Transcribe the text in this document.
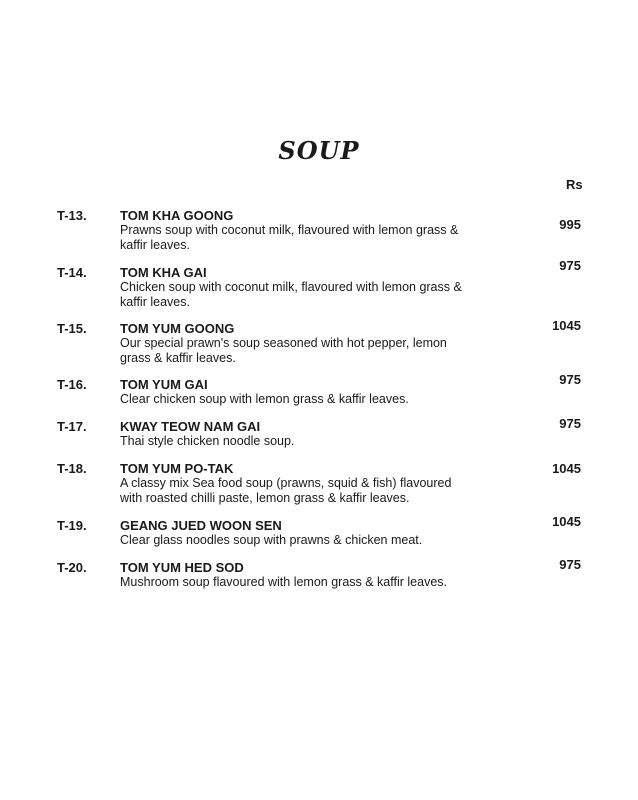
SOUP
Rs
T-13.	TOM KHA GOONG
Prawns soup with coconut milk, flavoured with lemon grass & kaffir leaves.
995
T-14.	TOM KHA GAI
Chicken soup with coconut milk, flavoured with lemon grass & kaffir leaves.
975
T-15.	TOM YUM GOONG
Our special prawn's soup seasoned with hot pepper, lemon grass & kaffir leaves.
1045
T-16.	TOM YUM GAI
Clear chicken soup with lemon grass & kaffir leaves.
975
T-17.	KWAY TEOW NAM GAI
Thai style chicken noodle soup.
975
T-18.	TOM YUM PO-TAK
A classy mix Sea food soup (prawns, squid & fish) flavoured with roasted chilli paste, lemon grass & kaffir leaves.
1045
T-19.	GEANG JUED WOON SEN
Clear glass noodles soup with prawns & chicken meat.
1045
T-20.	TOM YUM HED SOD
Mushroom soup flavoured with lemon grass & kaffir leaves.
975
